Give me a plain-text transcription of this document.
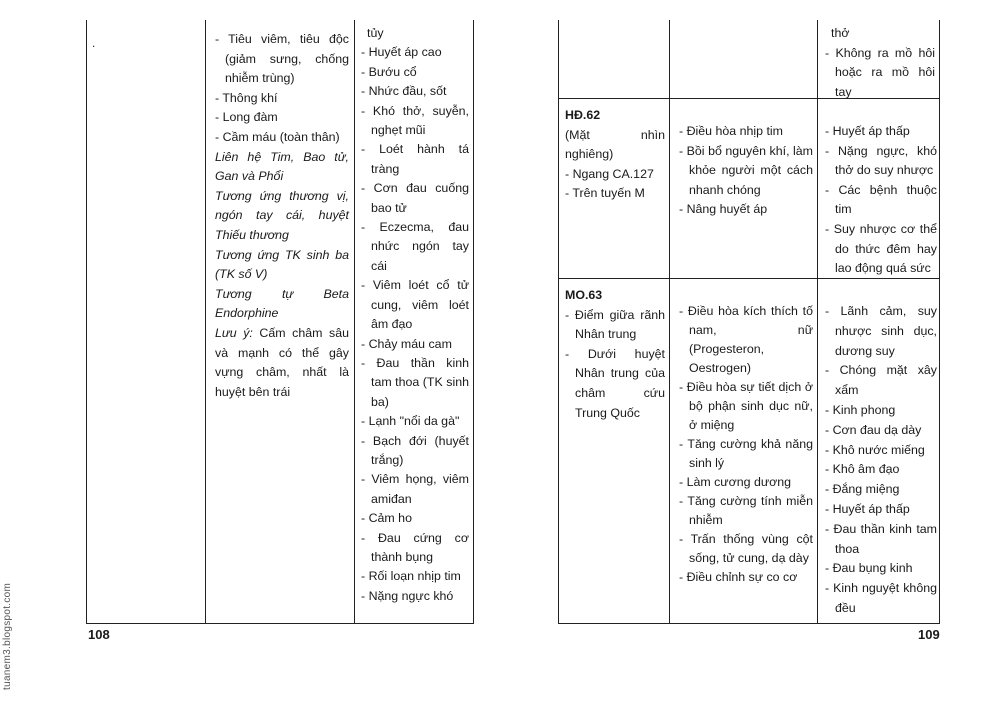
.	- Tiêu viêm, tiêu độc (giảm sưng, chống nhiễm trùng)

- Thông khí

- Long đàm

- Cầm máu (toàn thân)

Liên hệ Tim, Bao tử, Gan và Phổi

Tương ứng thương vị, ngón tay cái, huyệt Thiếu thương

Tương ứng TK sinh ba (TK số V)

Tương tự Beta Endorphine

Lưu ý: Cấm châm sâu và mạnh có thể gây vựng châm, nhất là huyệt bên trái

tủy

- Huyết áp cao

- Bướu cổ

- Nhức đầu, sốt

- Khó thở, suyễn, nghẹt mũi

- Loét hành tá tràng

- Cơn đau cuống bao tử

- Eczecma, đau nhức ngón tay cái

- Viêm loét cổ tử cung, viêm loét âm đạo

- Chảy máu cam

- Đau thần kinh tam thoa (TK sinh ba)

- Lạnh "nổi da gà"

- Bạch đới (huyết trắng)

- Viêm họng, viêm amiđan

- Cảm ho

- Đau cứng cơ thành bụng

- Rối loạn nhịp tim

- Nặng ngực khó

108

thở

- Không ra mồ hôi hoặc ra mồ hôi tay

HĐ.62

(Mặt nhìn nghiêng)

- Ngang CA.127

- Trên tuyến M

- Điều hòa nhịp tim

- Bồi bổ nguyên khí, làm khỏe người một cách nhanh chóng

- Nâng huyết áp

- Huyết áp thấp

- Nặng ngực, khó thở do suy nhược

- Các bệnh thuộc tim

- Suy nhược cơ thể do thức đêm hay lao động quá sức

MO.63

- Điểm giữa rãnh Nhân trung

- Dưới huyệt Nhân trung của châm cứu Trung Quốc

- Điều hòa kích thích tố nam, nữ (Progesteron, Oestrogen)

- Điều hòa sự tiết dịch ở bộ phận sinh dục nữ, ở miệng

- Tăng cường khả năng sinh lý

- Làm cương dương

- Tăng cường tính miễn nhiễm

- Trấn thống vùng cột sống, tử cung, dạ dày

- Điều chỉnh sự co cơ

- Lãnh cảm, suy nhược sinh dục, dương suy

- Chóng mặt xây xẩm

- Kinh phong

- Cơn đau dạ dày

- Khô nước miếng

- Khô âm đạo

- Đắng miệng

- Huyết áp thấp

- Đau thần kinh tam thoa

- Đau bụng kinh

- Kinh nguyệt không đều

109
tuanem3.blogspot.com
